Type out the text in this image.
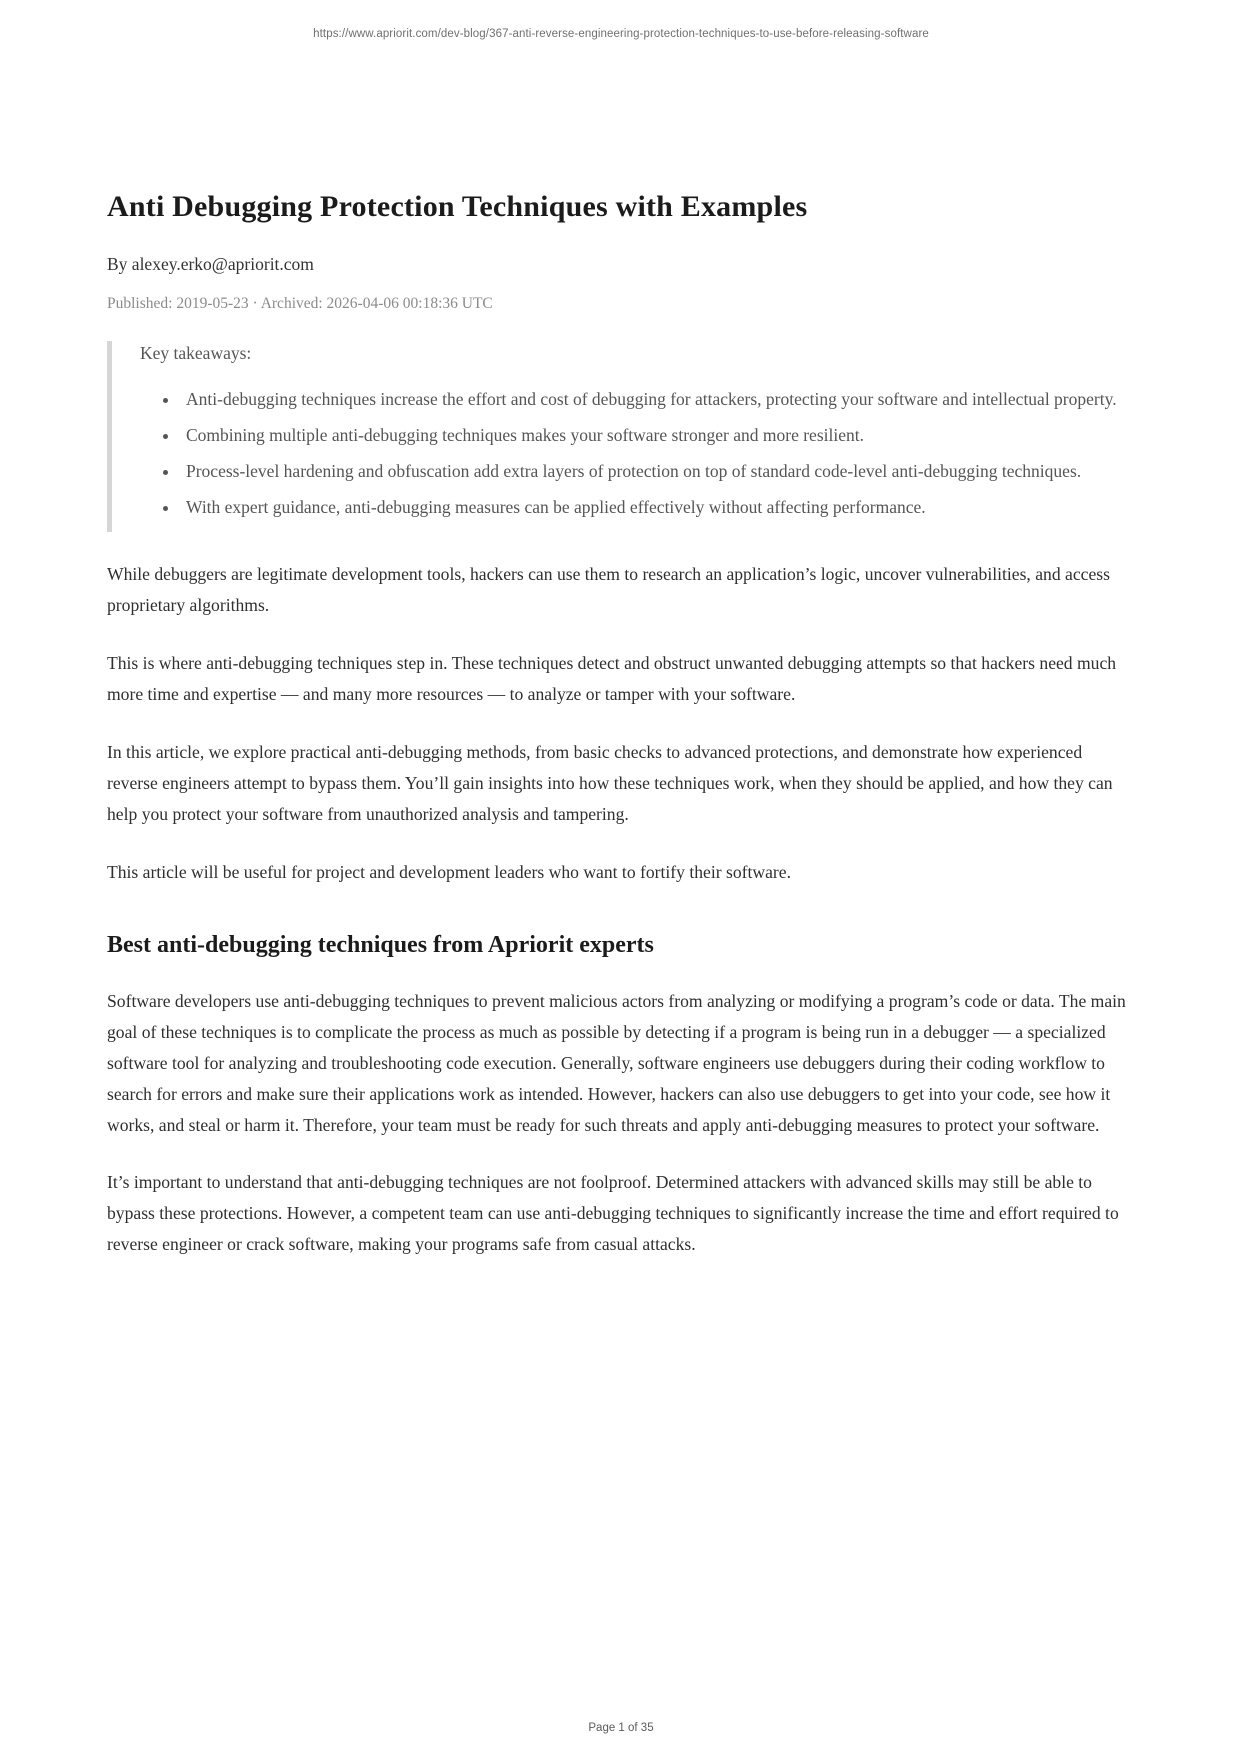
https://www.apriorit.com/dev-blog/367-anti-reverse-engineering-protection-techniques-to-use-before-releasing-software
Anti Debugging Protection Techniques with Examples

By alexey.erko@apriorit.com

Published: 2019-05-23 · Archived: 2026-04-06 00:18:36 UTC

Key takeaways:

• Anti-debugging techniques increase the effort and cost of debugging for attackers, protecting your software and intellectual property.
• Combining multiple anti-debugging techniques makes your software stronger and more resilient.
• Process-level hardening and obfuscation add extra layers of protection on top of standard code-level anti-debugging techniques.
• With expert guidance, anti-debugging measures can be applied effectively without affecting performance.

While debuggers are legitimate development tools, hackers can use them to research an application’s logic, uncover vulnerabilities, and access proprietary algorithms.

This is where anti-debugging techniques step in. These techniques detect and obstruct unwanted debugging attempts so that hackers need much more time and expertise — and many more resources — to analyze or tamper with your software.

In this article, we explore practical anti-debugging methods, from basic checks to advanced protections, and demonstrate how experienced reverse engineers attempt to bypass them. You’ll gain insights into how these techniques work, when they should be applied, and how they can help you protect your software from unauthorized analysis and tampering.

This article will be useful for project and development leaders who want to fortify their software.

Best anti-debugging techniques from Apriorit experts

Software developers use anti-debugging techniques to prevent malicious actors from analyzing or modifying a program’s code or data. The main goal of these techniques is to complicate the process as much as possible by detecting if a program is being run in a debugger — a specialized software tool for analyzing and troubleshooting code execution. Generally, software engineers use debuggers during their coding workflow to search for errors and make sure their applications work as intended. However, hackers can also use debuggers to get into your code, see how it works, and steal or harm it. Therefore, your team must be ready for such threats and apply anti-debugging measures to protect your software.

It’s important to understand that anti-debugging techniques are not foolproof. Determined attackers with advanced skills may still be able to bypass these protections. However, a competent team can use anti-debugging techniques to significantly increase the time and effort required to reverse engineer or crack software, making your programs safe from casual attacks.

Page 1 of 35
